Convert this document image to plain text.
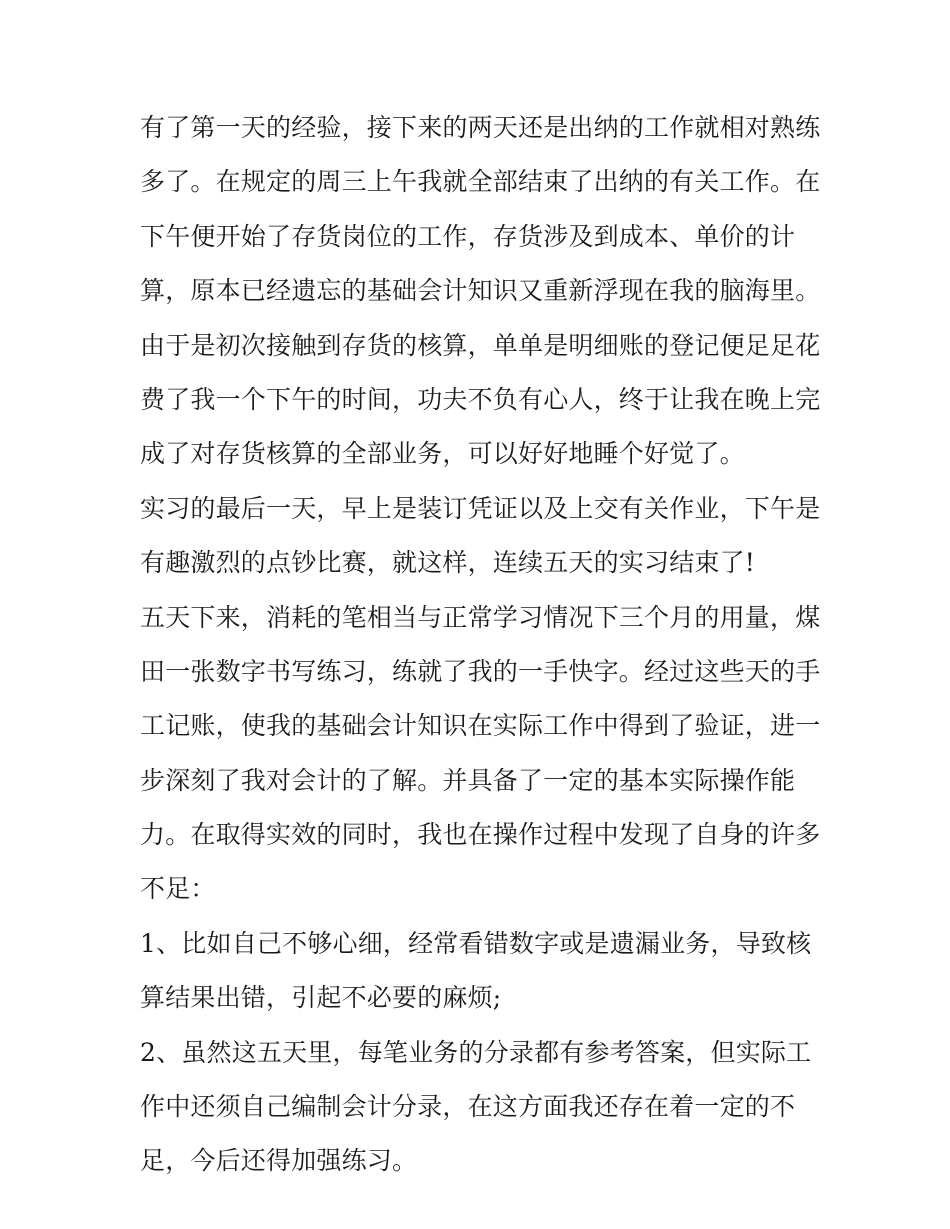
有了第一天的经验，接下来的两天还是出纳的工作就相对熟练
多了。在规定的周三上午我就全部结束了出纳的有关工作。在
下午便开始了存货岗位的工作，存货涉及到成本、单价的计
算，原本已经遗忘的基础会计知识又重新浮现在我的脑海里。
由于是初次接触到存货的核算，单单是明细账的登记便足足花
费了我一个下午的时间，功夫不负有心人，终于让我在晚上完
成了对存货核算的全部业务，可以好好地睡个好觉了。
实习的最后一天，早上是装订凭证以及上交有关作业，下午是
有趣激烈的点钞比赛，就这样，连续五天的实习结束了!
五天下来，消耗的笔相当与正常学习情况下三个月的用量，煤
田一张数字书写练习，练就了我的一手快字。经过这些天的手
工记账，使我的基础会计知识在实际工作中得到了验证，进一
步深刻了我对会计的了解。并具备了一定的基本实际操作能
力。在取得实效的同时，我也在操作过程中发现了自身的许多
不足：
1、比如自己不够心细，经常看错数字或是遗漏业务，导致核
算结果出错，引起不必要的麻烦;
2、虽然这五天里，每笔业务的分录都有参考答案，但实际工
作中还须自己编制会计分录，在这方面我还存在着一定的不
足，今后还得加强练习。
